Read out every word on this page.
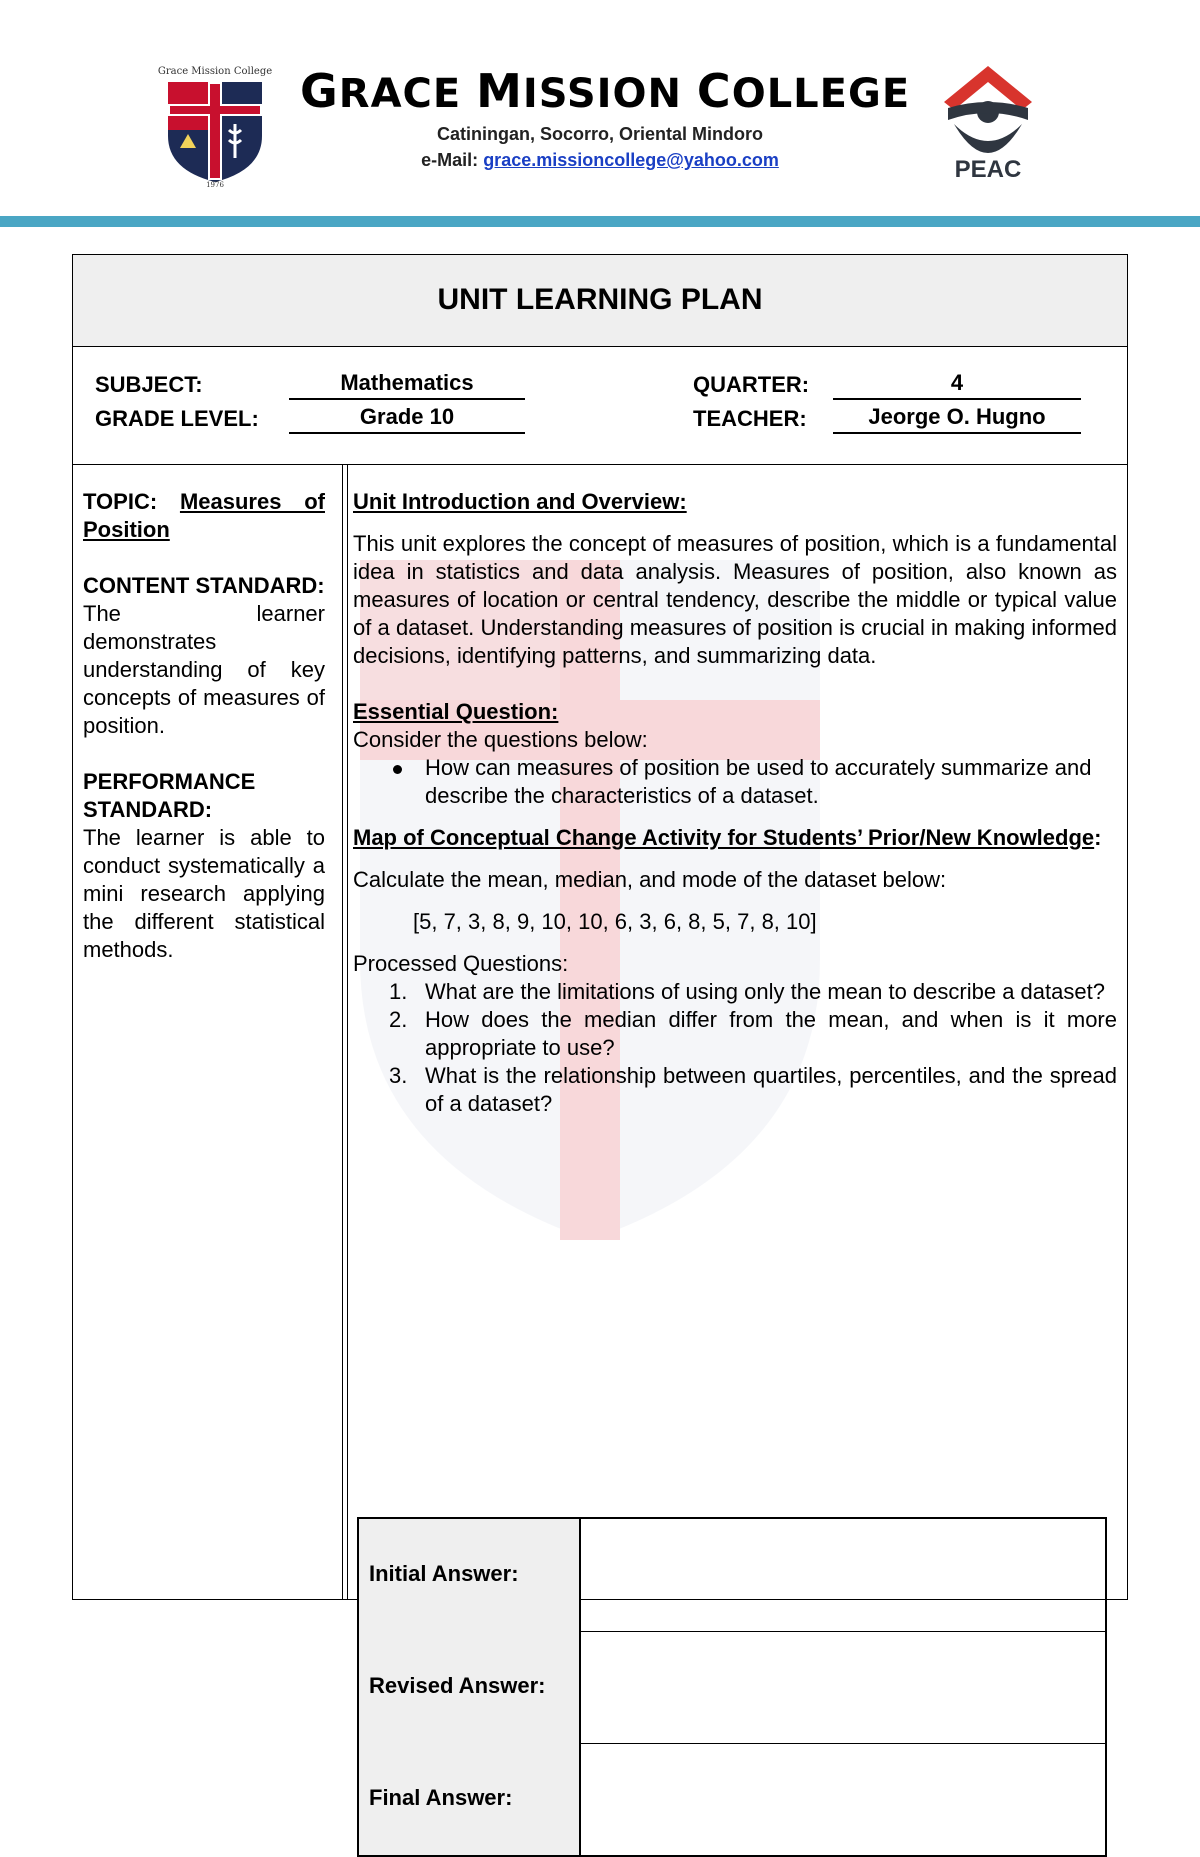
Grace Mission College
1976
GRACE MISSION COLLEGE
Catiningan, Socorro, Oriental Mindoro
e-Mail: grace.missioncollege@yahoo.com	PEAC
UNIT LEARNING PLAN
SUBJECT:	Mathematics
GRADE LEVEL:	Grade 10
QUARTER:	4
TEACHER:	Jeorge O. Hugno

TOPIC: Measures of Position

CONTENT STANDARD:

The learner demonstrates understanding of key concepts of measures of position.

PERFORMANCE STANDARD:

The learner is able to conduct systematically a mini research applying the different statistical methods.

Unit Introduction and Overview:

This unit explores the concept of measures of position, which is a fundamental idea in statistics and data analysis. Measures of position, also known as measures of location or central tendency, describe the middle or typical value of a dataset. Understanding measures of position is crucial in making informed decisions, identifying patterns, and summarizing data.

Essential Question:

Consider the questions below:

How can measures of position be used to accurately summarize and describe the characteristics of a dataset.

Map of Conceptual Change Activity for Students’ Prior/New Knowledge:

Calculate the mean, median, and mode of the dataset below:

[5, 7, 3, 8, 9, 10, 10, 6, 3, 6, 8, 5, 7, 8, 10]

Processed Questions:

1. What are the limitations of using only the mean to describe a dataset?
2. How does the median differ from the mean, and when is it more appropriate to use?
3. What is the relationship between quartiles, percentiles, and the spread of a dataset?
Initial Answer:
Revised Answer:
Final Answer:
